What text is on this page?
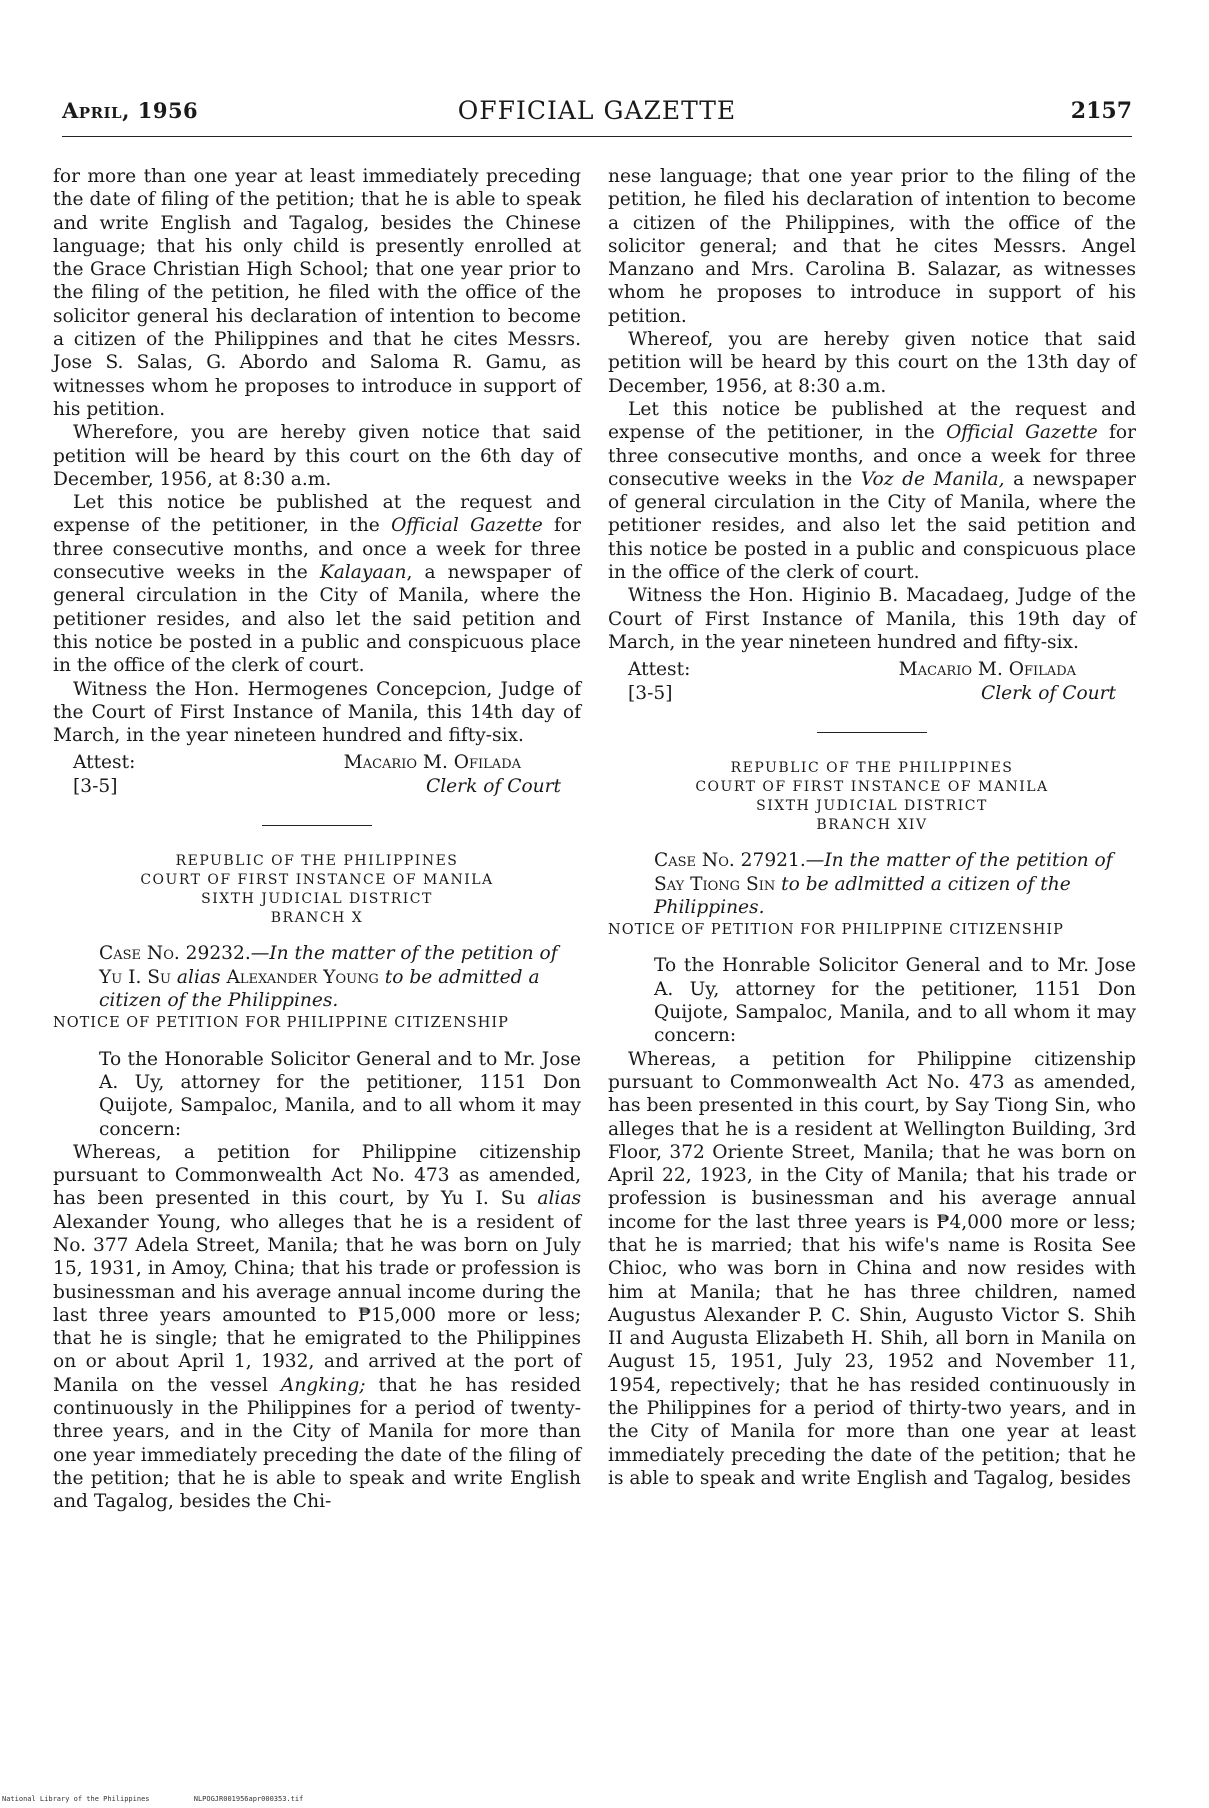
April, 1956	OFFICIAL GAZETTE	2157

for more than one year at least immediately preceding the date of filing of the petition; that he is able to speak and write English and Tagalog, besides the Chinese language; that his only child is presently enrolled at the Grace Christian High School; that one year prior to the filing of the petition, he filed with the office of the solicitor general his declaration of intention to become a citizen of the Philippines and that he cites Messrs. Jose S. Salas, G. Abordo and Saloma R. Gamu, as witnesses whom he proposes to introduce in support of his petition.

Wherefore, you are hereby given notice that said petition will be heard by this court on the 6th day of December, 1956, at 8:30 a.m.

Let this notice be published at the request and expense of the petitioner, in the Official Gazette for three consecutive months, and once a week for three consecutive weeks in the Kalayaan, a newspaper of general circulation in the City of Manila, where the petitioner resides, and also let the said petition and this notice be posted in a public and conspicuous place in the office of the clerk of court.

Witness the Hon. Hermogenes Concepcion, Judge of the Court of First Instance of Manila, this 14th day of March, in the year nineteen hundred and fifty-six.

Attest:
[3-5]
Macario M. Ofilada
Clerk of Court
REPUBLIC OF THE PHILIPPINES
COURT OF FIRST INSTANCE OF MANILA
SIXTH JUDICIAL DISTRICT
BRANCH X

Case No. 29232.—In the matter of the petition of Yu I. Su alias Alexander Young to be admitted a citizen of the Philippines.

NOTICE OF PETITION FOR PHILIPPINE CITIZENSHIP

To the Honorable Solicitor General and to Mr. Jose A. Uy, attorney for the petitioner, 1151 Don Quijote, Sampaloc, Manila, and to all whom it may concern:

Whereas, a petition for Philippine citizenship pursuant to Commonwealth Act No. 473 as amended, has been presented in this court, by Yu I. Su alias Alexander Young, who alleges that he is a resident of No. 377 Adela Street, Manila; that he was born on July 15, 1931, in Amoy, China; that his trade or profession is businessman and his average annual income during the last three years amounted to ₱15,000 more or less; that he is single; that he emigrated to the Philippines on or about April 1, 1932, and arrived at the port of Manila on the vessel Angking; that he has resided continuously in the Philippines for a period of twenty-three years, and in the City of Manila for more than one year immediately preceding the date of the filing of the petition; that he is able to speak and write English and Tagalog, besides the Chi-

nese language; that one year prior to the filing of the petition, he filed his declaration of intention to become a citizen of the Philippines, with the office of the solicitor general; and that he cites Messrs. Angel Manzano and Mrs. Carolina B. Salazar, as witnesses whom he proposes to introduce in support of his petition.

Whereof, you are hereby given notice that said petition will be heard by this court on the 13th day of December, 1956, at 8:30 a.m.

Let this notice be published at the request and expense of the petitioner, in the Official Gazette for three consecutive months, and once a week for three consecutive weeks in the Voz de Manila, a newspaper of general circulation in the City of Manila, where the petitioner resides, and also let the said petition and this notice be posted in a public and conspicuous place in the office of the clerk of court.

Witness the Hon. Higinio B. Macadaeg, Judge of the Court of First Instance of Manila, this 19th day of March, in the year nineteen hundred and fifty-six.

Attest:
[3-5]
Macario M. Ofilada
Clerk of Court
REPUBLIC OF THE PHILIPPINES
COURT OF FIRST INSTANCE OF MANILA
SIXTH JUDICIAL DISTRICT
BRANCH XIV

Case No. 27921.—In the matter of the petition of Say Tiong Sin to be adlmitted a citizen of the Philippines.

NOTICE OF PETITION FOR PHILIPPINE CITIZENSHIP

To the Honrable Solicitor General and to Mr. Jose A. Uy, attorney for the petitioner, 1151 Don Quijote, Sampaloc, Manila, and to all whom it may concern:

Whereas, a petition for Philippine citizenship pursuant to Commonwealth Act No. 473 as amended, has been presented in this court, by Say Tiong Sin, who alleges that he is a resident at Wellington Building, 3rd Floor, 372 Oriente Street, Manila; that he was born on April 22, 1923, in the City of Manila; that his trade or profession is businessman and his average annual income for the last three years is ₱4,000 more or less; that he is married; that his wife's name is Rosita See Chioc, who was born in China and now resides with him at Manila; that he has three children, named Augustus Alexander P. C. Shin, Augusto Victor S. Shih II and Augusta Elizabeth H. Shih, all born in Manila on August 15, 1951, July 23, 1952 and November 11, 1954, repectively; that he has resided continuously in the Philippines for a period of thirty-two years, and in the City of Manila for more than one year at least immediately preceding the date of the petition; that he is able to speak and write English and Tagalog, besides

National Library of the Philippines	NLPOGJR001956apr000353.tif
